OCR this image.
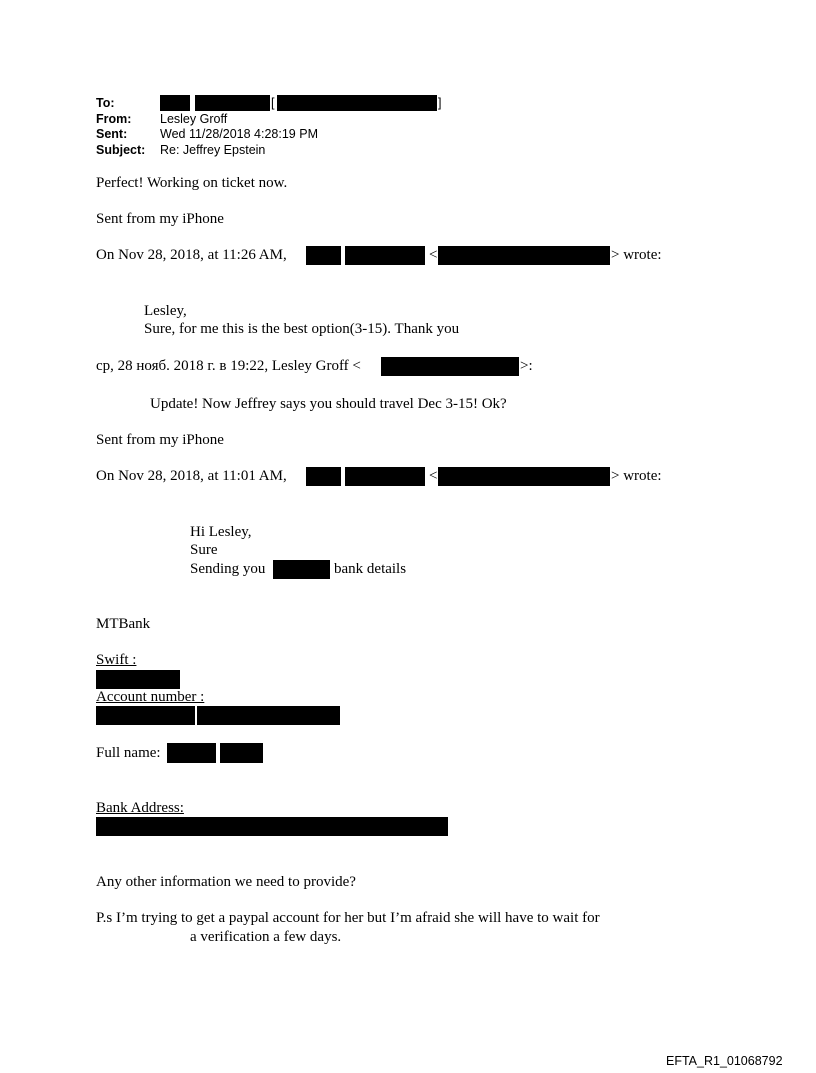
To:	[	]
From: Lesley Groff
Sent:	Wed 11/28/2018 4:28:19 PM
Subject: Re: Jeffrey Epstein
Perfect! Working on ticket now.
Sent from my iPhone
On Nov 28, 2018, at 11:26 AM,	<	> wrote:
Lesley,
Sure, for me this is the best option(3-15). Thank you
ср, 28 нояб. 2018 г. в 19:22, Lesley Groff <	>:
Update! Now Jeffrey says you should travel Dec 3-15! Ok?
Sent from my iPhone
On Nov 28, 2018, at 11:01 AM,	<	> wrote:
Hi Lesley,
Sure
Sending you	bank details
MTBank
Swift :
Account number :
Full name:
Bank Address:
Any other information we need to provide?
P.s I’m trying to get a paypal account for her but I’m afraid she will have to wait for
a verification a few days.
EFTA_R1_01068792
